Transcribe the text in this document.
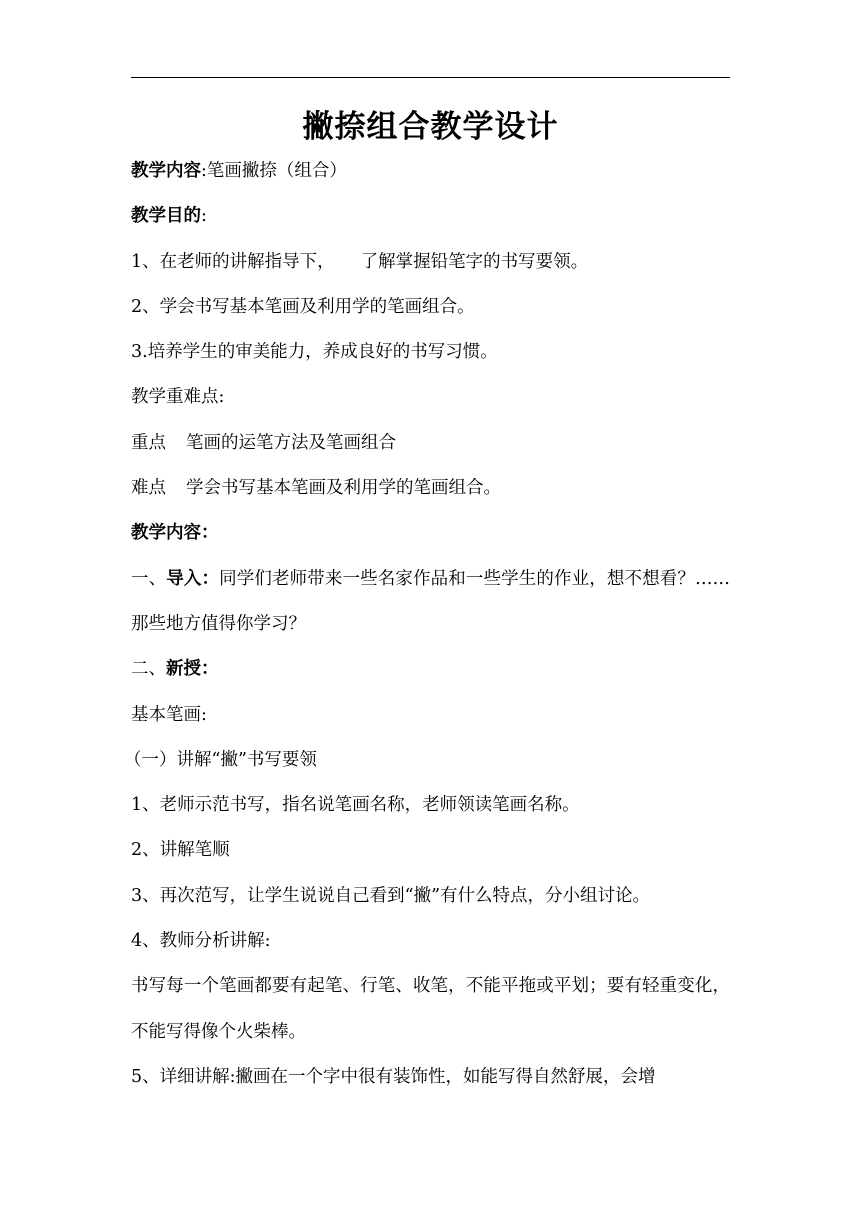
撇捺组合教学设计

教学内容:笔画撇捺（组合）

教学目的:

1、在老师的讲解指导下， 了解掌握铅笔字的书写要领。

2、学会书写基本笔画及利用学的笔画组合。

3.培养学生的审美能力，养成良好的书写习惯。

教学重难点:

重点 笔画的运笔方法及笔画组合

难点 学会书写基本笔画及利用学的笔画组合。

教学内容：

一、导入：同学们老师带来一些名家作品和一些学生的作业，想不想看？……那些地方值得你学习？

二、新授：

基本笔画:

（一）讲解“撇”书写要领

1、老师示范书写，指名说笔画名称，老师领读笔画名称。

2、讲解笔顺

3、再次范写，让学生说说自己看到“撇”有什么特点，分小组讨论。

4、教师分析讲解:

书写每一个笔画都要有起笔、行笔、收笔，不能平拖或平划；要有轻重变化，不能写得像个火柴棒。

5、详细讲解:撇画在一个字中很有装饰性，如能写得自然舒展，会增
